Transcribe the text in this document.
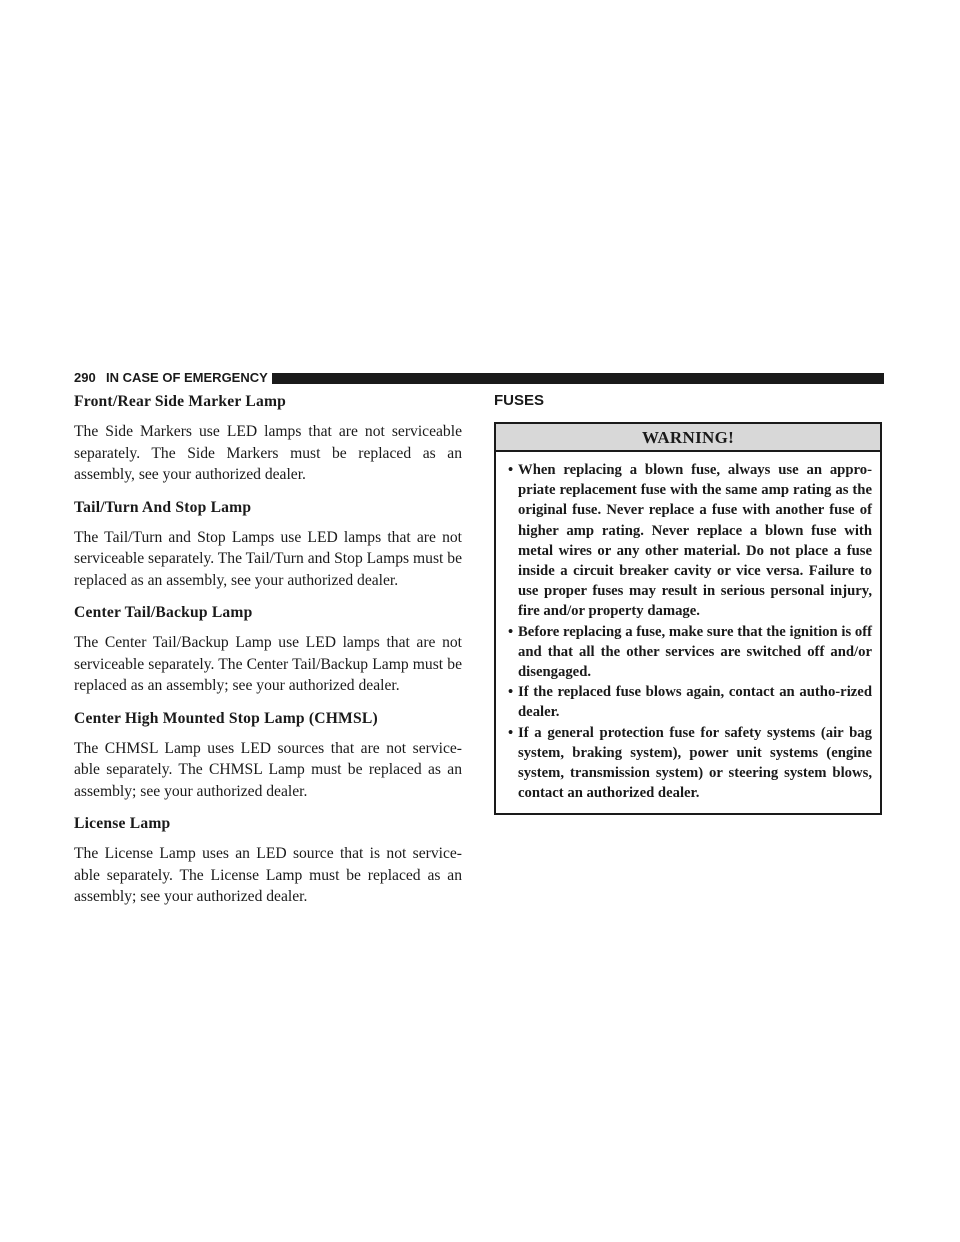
290 IN CASE OF EMERGENCY
Front/Rear Side Marker Lamp

The Side Markers use LED lamps that are not serviceable separately. The Side Markers must be replaced as an assembly, see your authorized dealer.

Tail/Turn And Stop Lamp

The Tail/Turn and Stop Lamps use LED lamps that are not serviceable separately. The Tail/Turn and Stop Lamps must be replaced as an assembly, see your authorized dealer.

Center Tail/Backup Lamp

The Center Tail/Backup Lamp use LED lamps that are not serviceable separately. The Center Tail/Backup Lamp must be replaced as an assembly; see your authorized dealer.

Center High Mounted Stop Lamp (CHMSL)

The CHMSL Lamp uses LED sources that are not service-able separately. The CHMSL Lamp must be replaced as an assembly; see your authorized dealer.

License Lamp

The License Lamp uses an LED source that is not service-able separately. The License Lamp must be replaced as an assembly; see your authorized dealer.

FUSES
WARNING!
• When replacing a blown fuse, always use an appro-priate replacement fuse with the same amp rating as the original fuse. Never replace a fuse with another fuse of higher amp rating. Never replace a blown fuse with metal wires or any other material. Do not place a fuse inside a circuit breaker cavity or vice versa. Failure to use proper fuses may result in serious personal injury, fire and/or property damage.
• Before replacing a fuse, make sure that the ignition is off and that all the other services are switched off and/or disengaged.
• If the replaced fuse blows again, contact an autho-rized dealer.
• If a general protection fuse for safety systems (air bag system, braking system), power unit systems (engine system, transmission system) or steering system blows, contact an authorized dealer.
